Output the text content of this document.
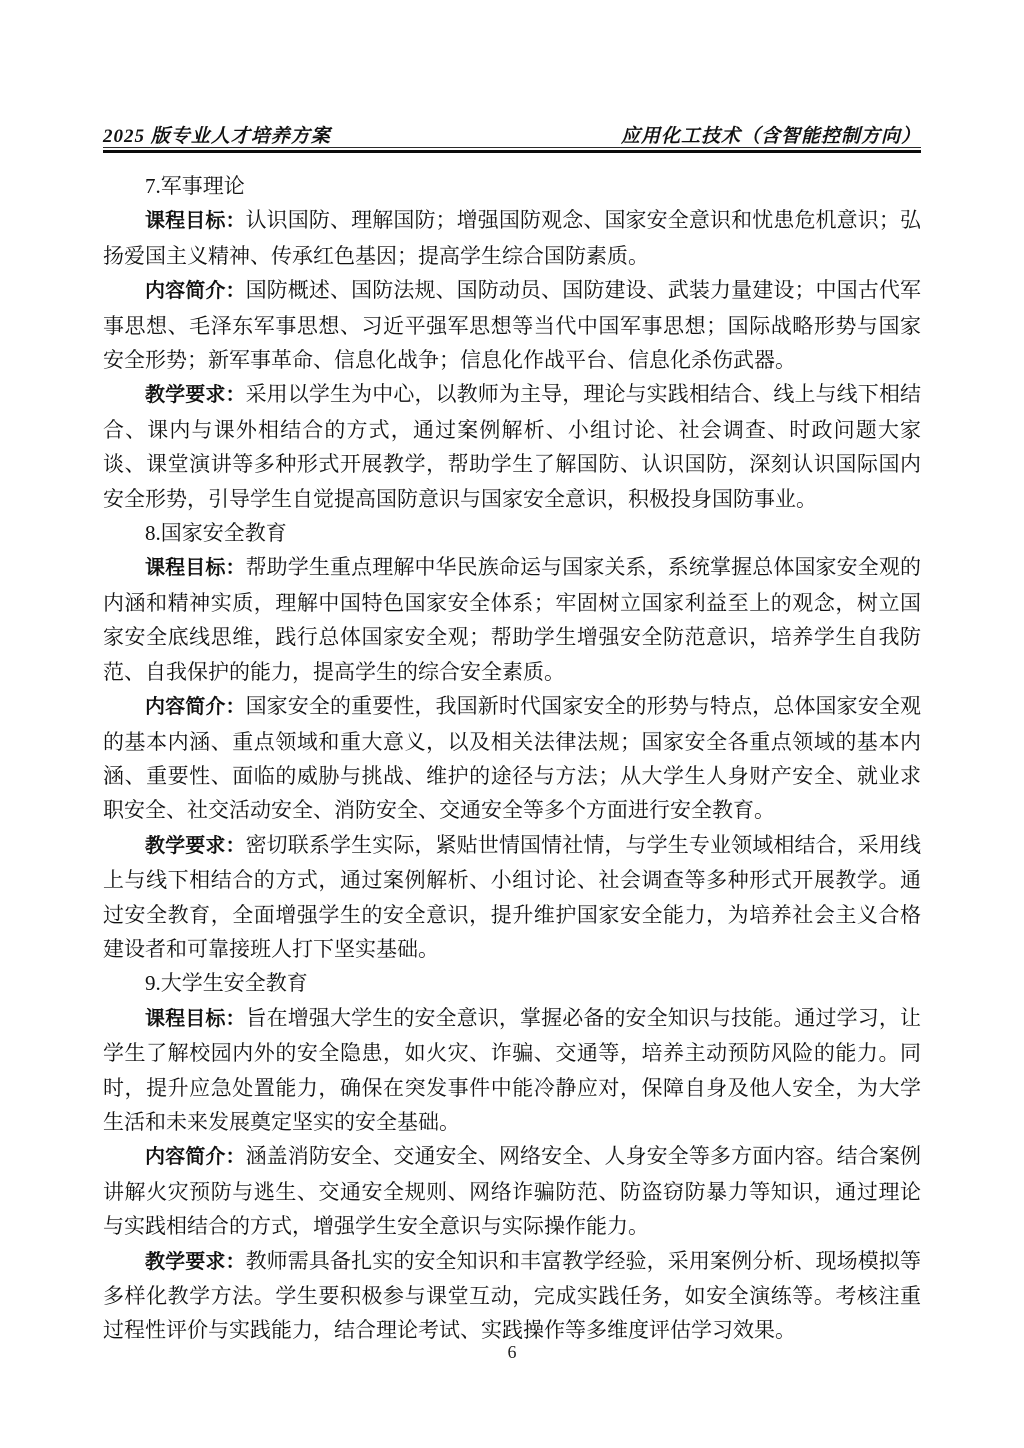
2025 版专业人才培养方案	应用化工技术（含智能控制方向）

7.军事理论

课程目标：认识国防、理解国防；增强国防观念、国家安全意识和忧患危机意识；弘扬爱国主义精神、传承红色基因；提高学生综合国防素质。

内容简介：国防概述、国防法规、国防动员、国防建设、武装力量建设；中国古代军事思想、毛泽东军事思想、习近平强军思想等当代中国军事思想；国际战略形势与国家安全形势；新军事革命、信息化战争；信息化作战平台、信息化杀伤武器。

教学要求：采用以学生为中心，以教师为主导，理论与实践相结合、线上与线下相结合、课内与课外相结合的方式，通过案例解析、小组讨论、社会调查、时政问题大家谈、课堂演讲等多种形式开展教学，帮助学生了解国防、认识国防，深刻认识国际国内安全形势，引导学生自觉提高国防意识与国家安全意识，积极投身国防事业。

8.国家安全教育

课程目标：帮助学生重点理解中华民族命运与国家关系，系统掌握总体国家安全观的内涵和精神实质，理解中国特色国家安全体系；牢固树立国家利益至上的观念，树立国家安全底线思维，践行总体国家安全观；帮助学生增强安全防范意识，培养学生自我防范、自我保护的能力，提高学生的综合安全素质。

内容简介：国家安全的重要性，我国新时代国家安全的形势与特点，总体国家安全观的基本内涵、重点领域和重大意义，以及相关法律法规；国家安全各重点领域的基本内涵、重要性、面临的威胁与挑战、维护的途径与方法；从大学生人身财产安全、就业求职安全、社交活动安全、消防安全、交通安全等多个方面进行安全教育。

教学要求：密切联系学生实际，紧贴世情国情社情，与学生专业领域相结合，采用线上与线下相结合的方式，通过案例解析、小组讨论、社会调查等多种形式开展教学。通过安全教育，全面增强学生的安全意识，提升维护国家安全能力，为培养社会主义合格建设者和可靠接班人打下坚实基础。

9.大学生安全教育

课程目标：旨在增强大学生的安全意识，掌握必备的安全知识与技能。通过学习，让学生了解校园内外的安全隐患，如火灾、诈骗、交通等，培养主动预防风险的能力。同时，提升应急处置能力，确保在突发事件中能冷静应对，保障自身及他人安全，为大学生活和未来发展奠定坚实的安全基础。

内容简介：涵盖消防安全、交通安全、网络安全、人身安全等多方面内容。结合案例讲解火灾预防与逃生、交通安全规则、网络诈骗防范、防盗窃防暴力等知识，通过理论与实践相结合的方式，增强学生安全意识与实际操作能力。

教学要求：教师需具备扎实的安全知识和丰富教学经验，采用案例分析、现场模拟等多样化教学方法。学生要积极参与课堂互动，完成实践任务，如安全演练等。考核注重过程性评价与实践能力，结合理论考试、实践操作等多维度评估学习效果。

6
